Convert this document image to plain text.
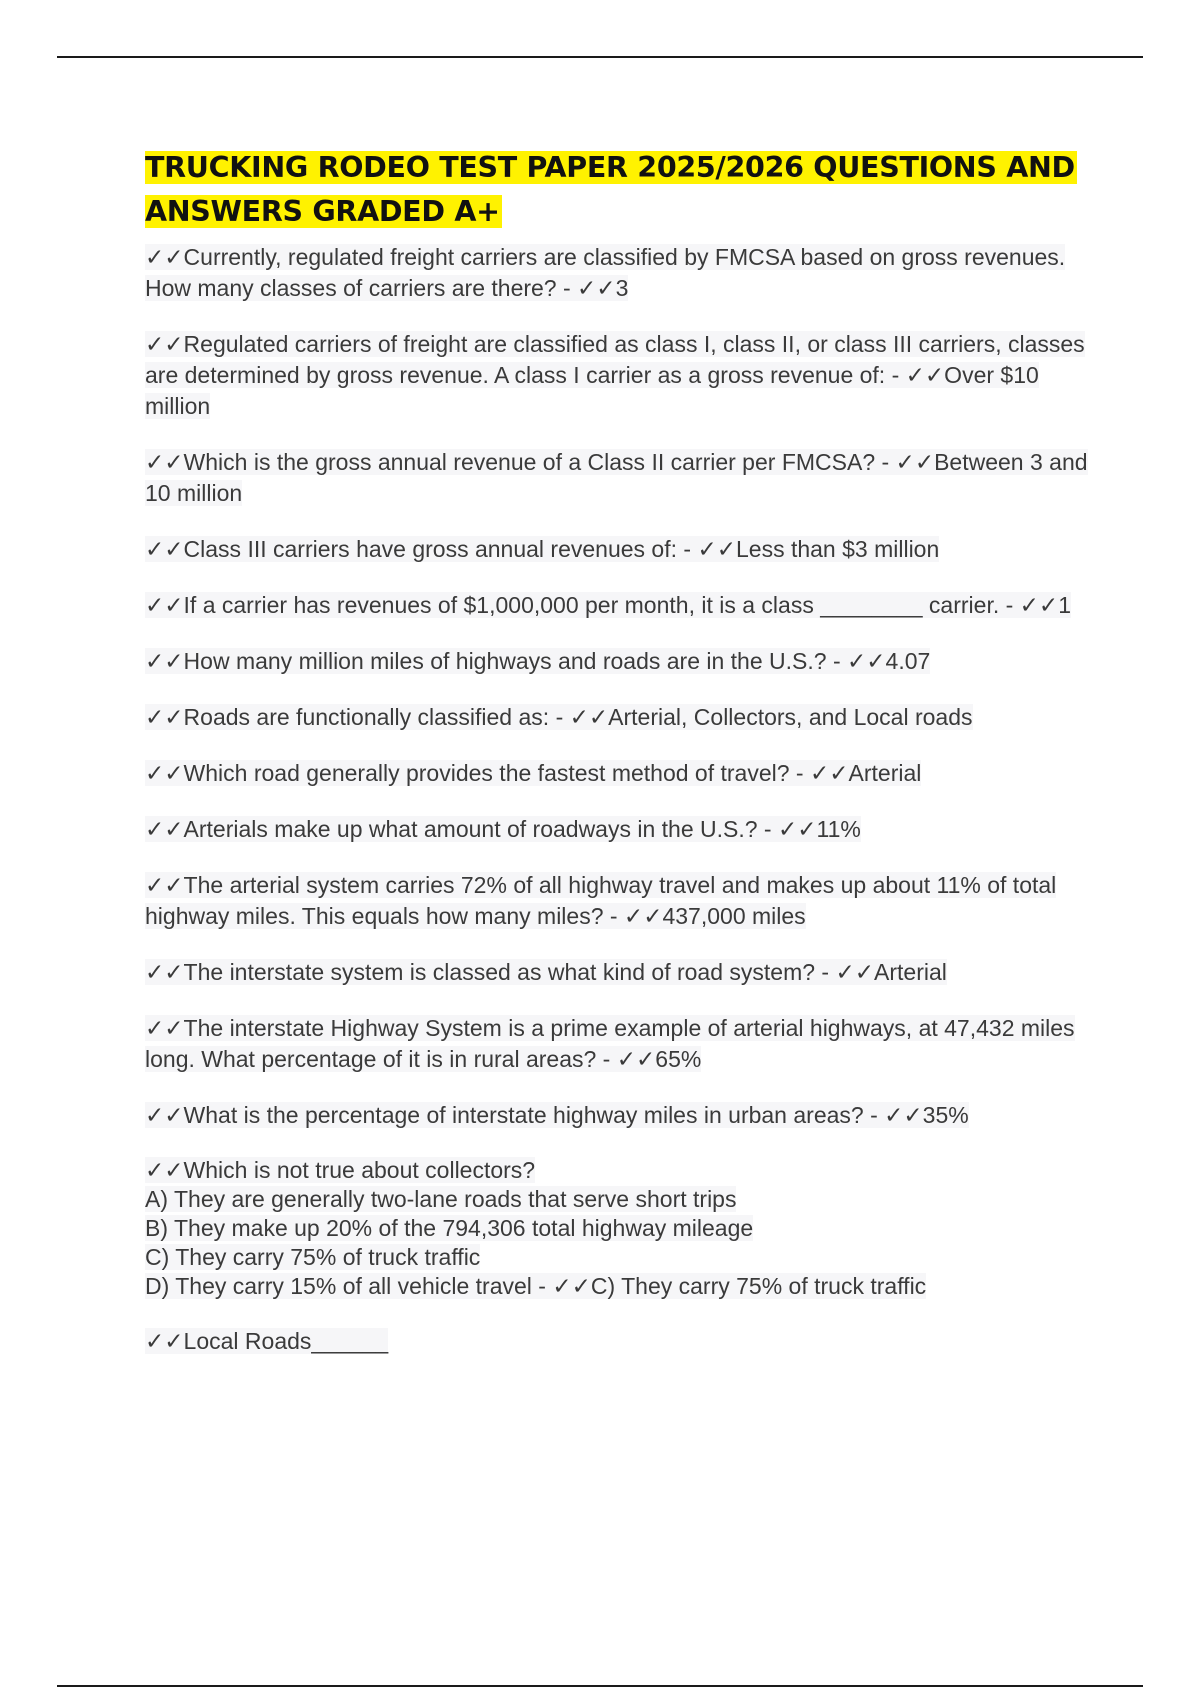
TRUCKING RODEO TEST PAPER 2025/2026 QUESTIONS AND ANSWERS GRADED A+

✓✓Currently, regulated freight carriers are classified by FMCSA based on gross revenues. How many classes of carriers are there? - ✓✓3

✓✓Regulated carriers of freight are classified as class I, class II, or class III carriers, classes are determined by gross revenue. A class I carrier as a gross revenue of: - ✓✓Over $10 million

✓✓Which is the gross annual revenue of a Class II carrier per FMCSA? - ✓✓Between 3 and 10 million

✓✓Class III carriers have gross annual revenues of: - ✓✓Less than $3 million

✓✓If a carrier has revenues of $1,000,000 per month, it is a class ________ carrier. - ✓✓1

✓✓How many million miles of highways and roads are in the U.S.? - ✓✓4.07

✓✓Roads are functionally classified as: - ✓✓Arterial, Collectors, and Local roads

✓✓Which road generally provides the fastest method of travel? - ✓✓Arterial

✓✓Arterials make up what amount of roadways in the U.S.? - ✓✓11%

✓✓The arterial system carries 72% of all highway travel and makes up about 11% of total highway miles. This equals how many miles? - ✓✓437,000 miles

✓✓The interstate system is classed as what kind of road system? - ✓✓Arterial

✓✓The interstate Highway System is a prime example of arterial highways, at 47,432 miles long. What percentage of it is in rural areas? - ✓✓65%

✓✓What is the percentage of interstate highway miles in urban areas? - ✓✓35%

✓✓Which is not true about collectors?
A) They are generally two-lane roads that serve short trips
B) They make up 20% of the 794,306 total highway mileage
C) They carry 75% of truck traffic
D) They carry 15% of all vehicle travel - ✓✓C) They carry 75% of truck traffic

✓✓Local Roads______
